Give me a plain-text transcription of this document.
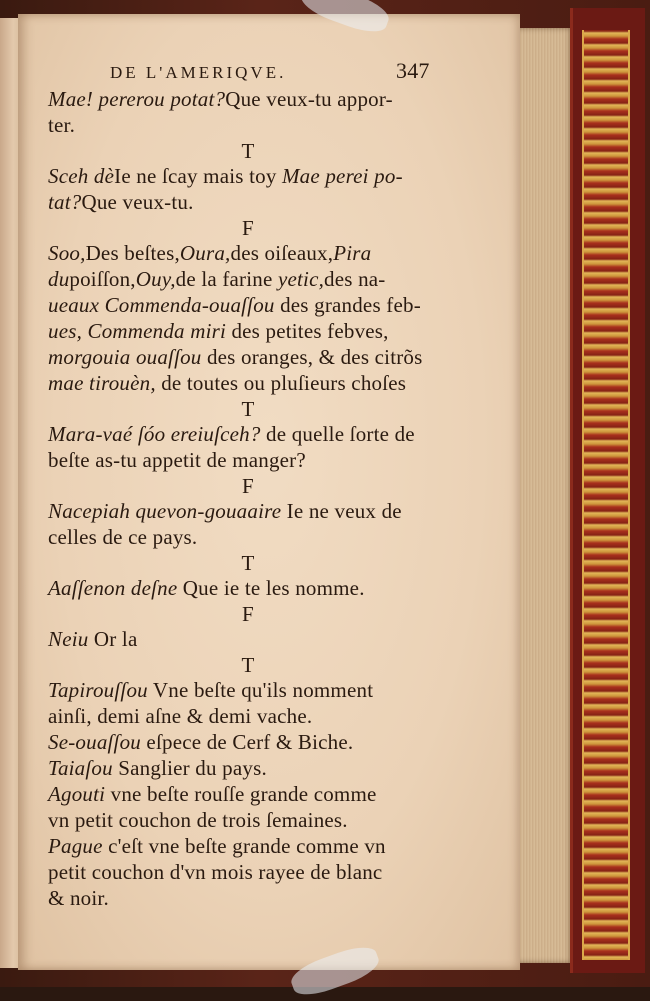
DE L'AMERIQVE.	347
Mae! pererou potat?Que veux-tu appor-
ter.
T
Sceh dèIe ne ſcay mais toy Mae perei po-
tat?Que veux-tu.
F
Soo,Des beſtes,Oura,des oiſeaux,Pira
dupoiſſon,Ouy,de la farine yetic,des na-
ueaux Commenda-ouaſſou des grandes feb-
ues, Commenda miri des petites febves,
morgouia ouaſſou des oranges, & des citrõs
mae tirouèn, de toutes ou pluſieurs choſes
T
Mara-vaé ſóo ereiuſceh? de quelle ſorte de
beſte as-tu appetit de manger?
F
Nacepiah quevon-gouaaire Ie ne veux de
celles de ce pays.
T
Aaſſenon deſne Que ie te les nomme.
F
Neiu Or la
T
Tapirouſſou Vne beſte qu'ils nomment
ainſi, demi aſne & demi vache.
Se-ouaſſou eſpece de Cerf & Biche.
Taiaſou Sanglier du pays.
Agouti vne beſte rouſſe grande comme
vn petit couchon de trois ſemaines.
Pague c'eſt vne beſte grande comme vn
petit couchon d'vn mois rayee de blanc
& noir.
